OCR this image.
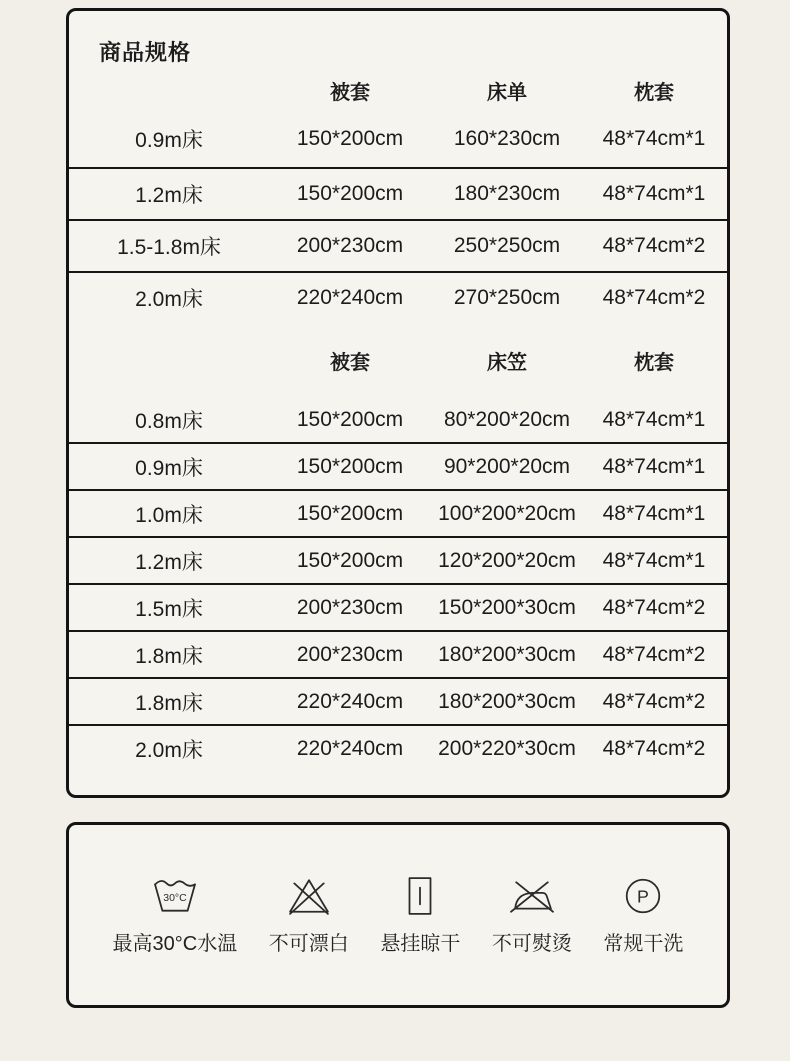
商品规格
被套	床单	枕套
0.9m床	150*200cm	160*230cm	48*74cm*1
1.2m床	150*200cm	180*230cm	48*74cm*1
1.5-1.8m床	200*230cm	250*250cm	48*74cm*2
2.0m床	220*240cm	270*250cm	48*74cm*2
被套	床笠	枕套
0.8m床	150*200cm	80*200*20cm	48*74cm*1
0.9m床	150*200cm	90*200*20cm	48*74cm*1
1.0m床	150*200cm	100*200*20cm	48*74cm*1
1.2m床	150*200cm	120*200*20cm	48*74cm*1
1.5m床	200*230cm	150*200*30cm	48*74cm*2
1.8m床	200*230cm	180*200*30cm	48*74cm*2
1.8m床	220*240cm	180*200*30cm	48*74cm*2
2.0m床	220*240cm	200*220*30cm	48*74cm*2
30°C
最高30°C水温 不可漂白 悬挂晾干 不可熨烫
P
常规干洗
